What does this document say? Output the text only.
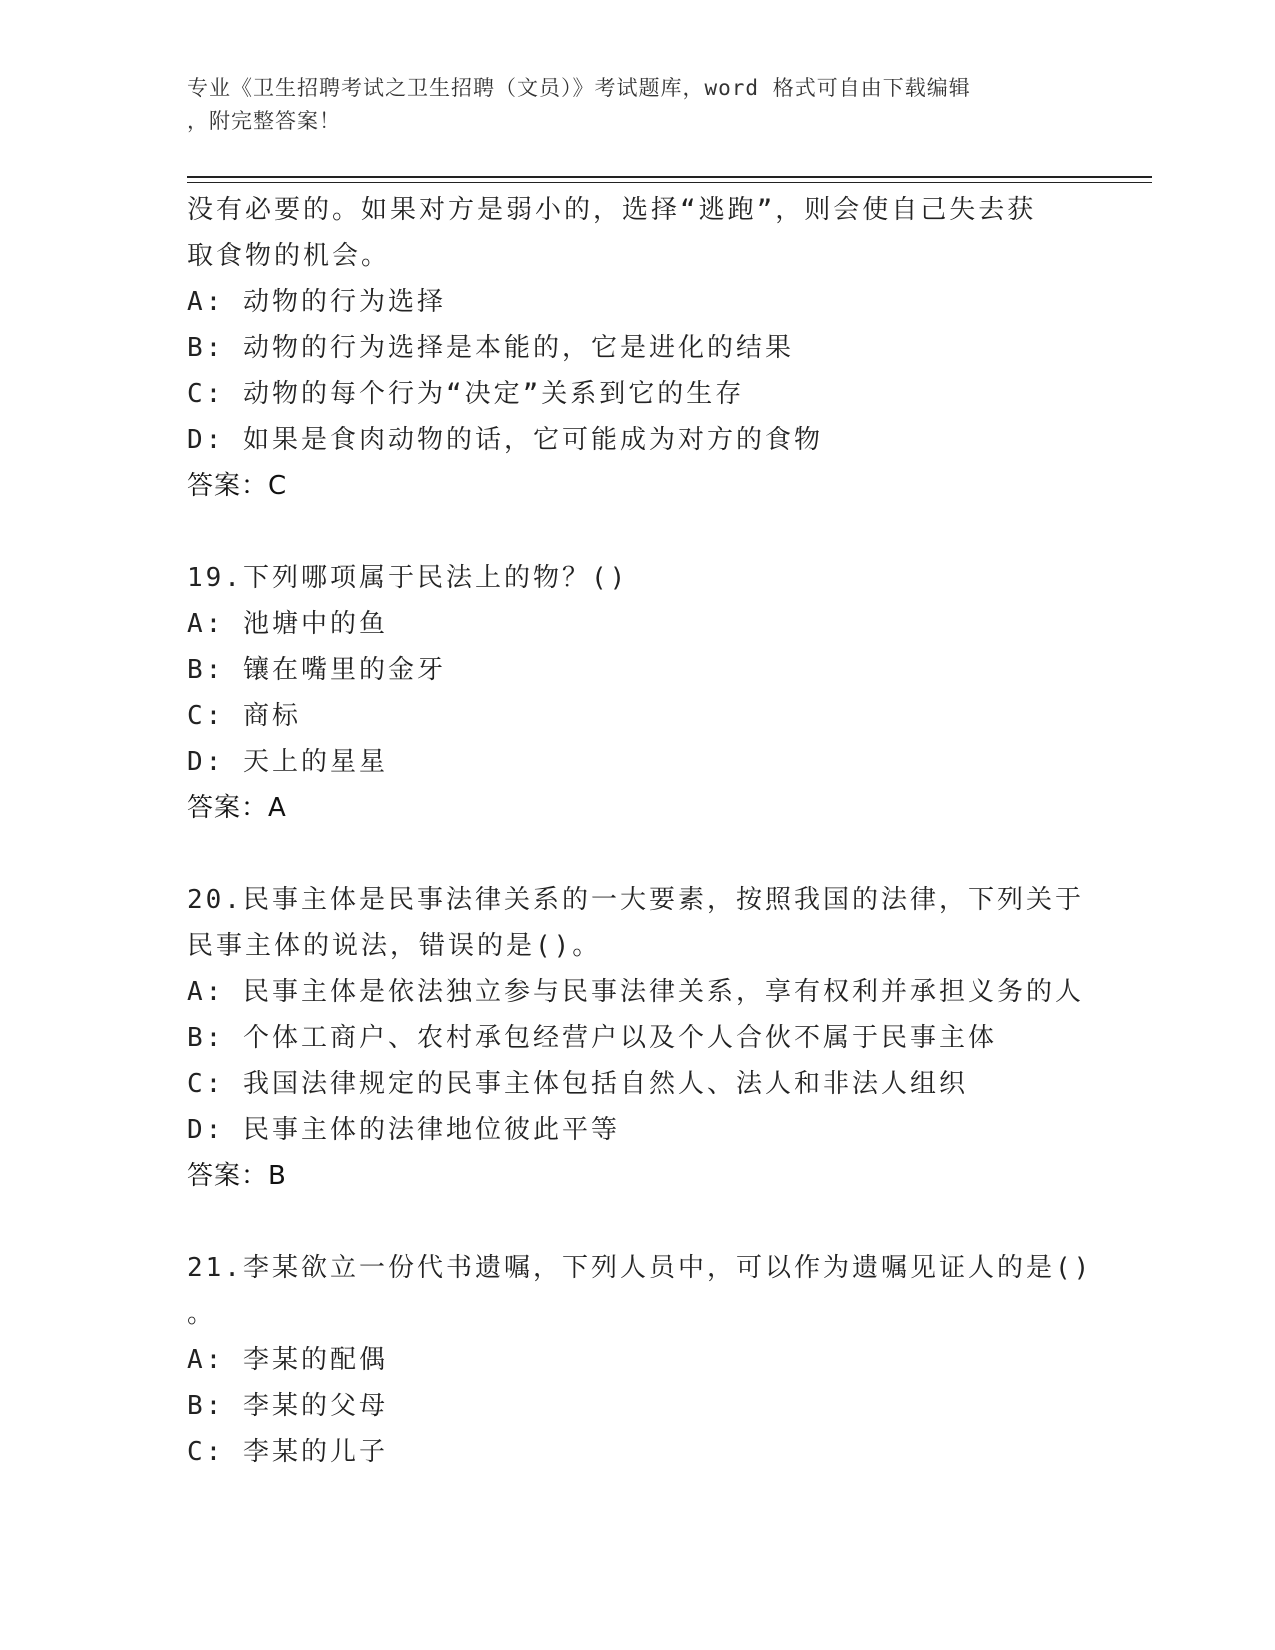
专业《卫生招聘考试之卫生招聘（文员）》考试题库，word 格式可自由下载编辑
，附完整答案！
没有必要的。如果对方是弱小的，选择“逃跑”，则会使自己失去获
取食物的机会。
A: 动物的行为选择
B: 动物的行为选择是本能的，它是进化的结果
C: 动物的每个行为“决定”关系到它的生存
D: 如果是食肉动物的话，它可能成为对方的食物
答案：C
19.下列哪项属于民法上的物？()
A: 池塘中的鱼
B: 镶在嘴里的金牙
C: 商标
D: 天上的星星
答案：A
20.民事主体是民事法律关系的一大要素，按照我国的法律，下列关于
民事主体的说法，错误的是()。
A: 民事主体是依法独立参与民事法律关系，享有权利并承担义务的人
B: 个体工商户、农村承包经营户以及个人合伙不属于民事主体
C: 我国法律规定的民事主体包括自然人、法人和非法人组织
D: 民事主体的法律地位彼此平等
答案：B
21.李某欲立一份代书遗嘱，下列人员中，可以作为遗嘱见证人的是()
。
A: 李某的配偶
B: 李某的父母
C: 李某的儿子
